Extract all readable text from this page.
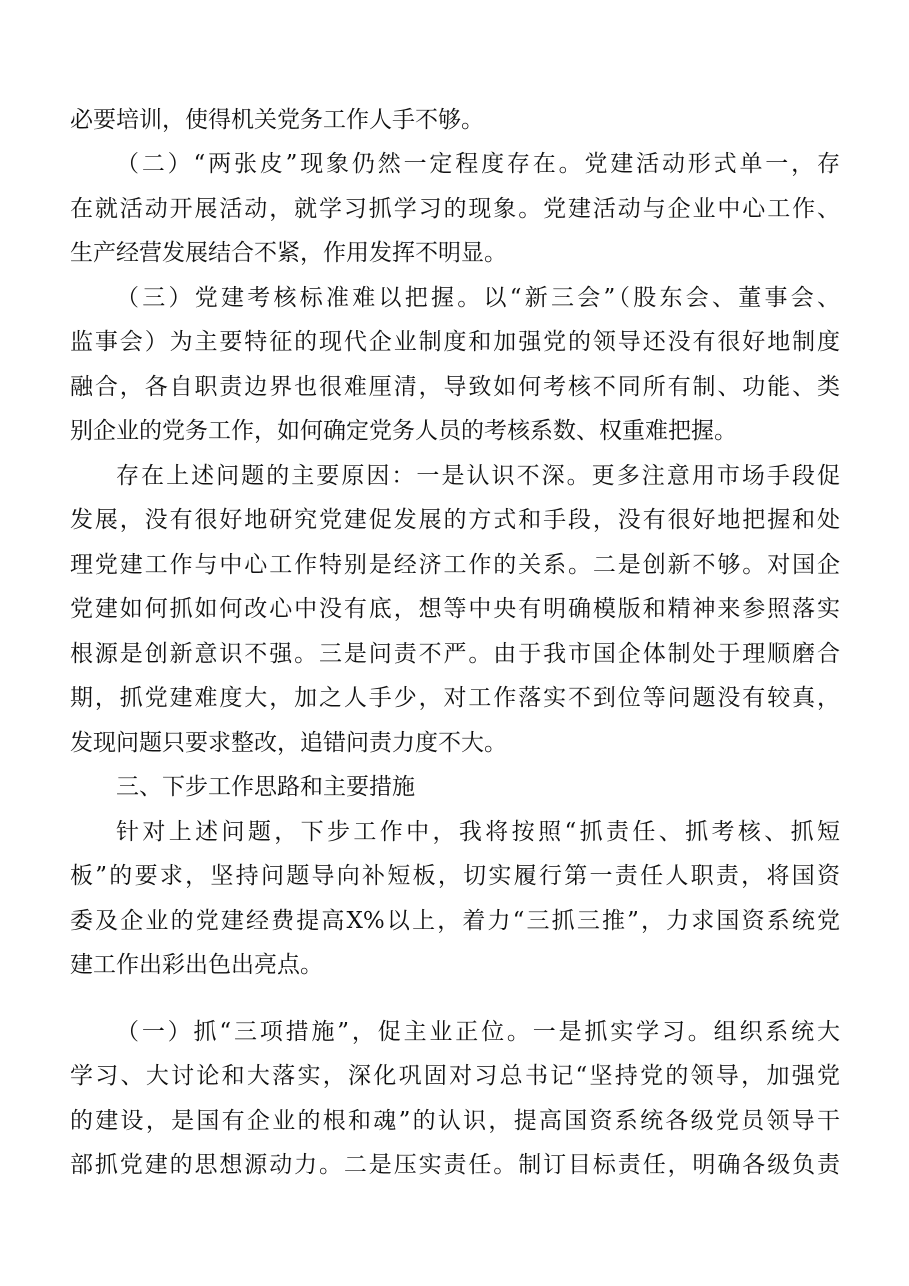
必要培训，使得机关党务工作人手不够。
（二）“两张皮”现象仍然一定程度存在。党建活动形式单一，存
在就活动开展活动，就学习抓学习的现象。党建活动与企业中心工作、
生产经营发展结合不紧，作用发挥不明显。
（三）党建考核标准难以把握。以“新三会”（股东会、董事会、
监事会）为主要特征的现代企业制度和加强党的领导还没有很好地制度
融合，各自职责边界也很难厘清，导致如何考核不同所有制、功能、类
别企业的党务工作，如何确定党务人员的考核系数、权重难把握。
存在上述问题的主要原因：一是认识不深。更多注意用市场手段促
发展，没有很好地研究党建促发展的方式和手段，没有很好地把握和处
理党建工作与中心工作特别是经济工作的关系。二是创新不够。对国企
党建如何抓如何改心中没有底，想等中央有明确模版和精神来参照落实
根源是创新意识不强。三是问责不严。由于我市国企体制处于理顺磨合
期，抓党建难度大，加之人手少，对工作落实不到位等问题没有较真，
发现问题只要求整改，追错问责力度不大。
三、下步工作思路和主要措施
针对上述问题，下步工作中，我将按照“抓责任、抓考核、抓短
板”的要求，坚持问题导向补短板，切实履行第一责任人职责，将国资
委及企业的党建经费提高X%以上，着力“三抓三推”，力求国资系统党
建工作出彩出色出亮点。
（一）抓“三项措施”，促主业正位。一是抓实学习。组织系统大
学习、大讨论和大落实，深化巩固对习总书记“坚持党的领导，加强党
的建设，是国有企业的根和魂”的认识，提高国资系统各级党员领导干
部抓党建的思想源动力。二是压实责任。制订目标责任，明确各级负责
